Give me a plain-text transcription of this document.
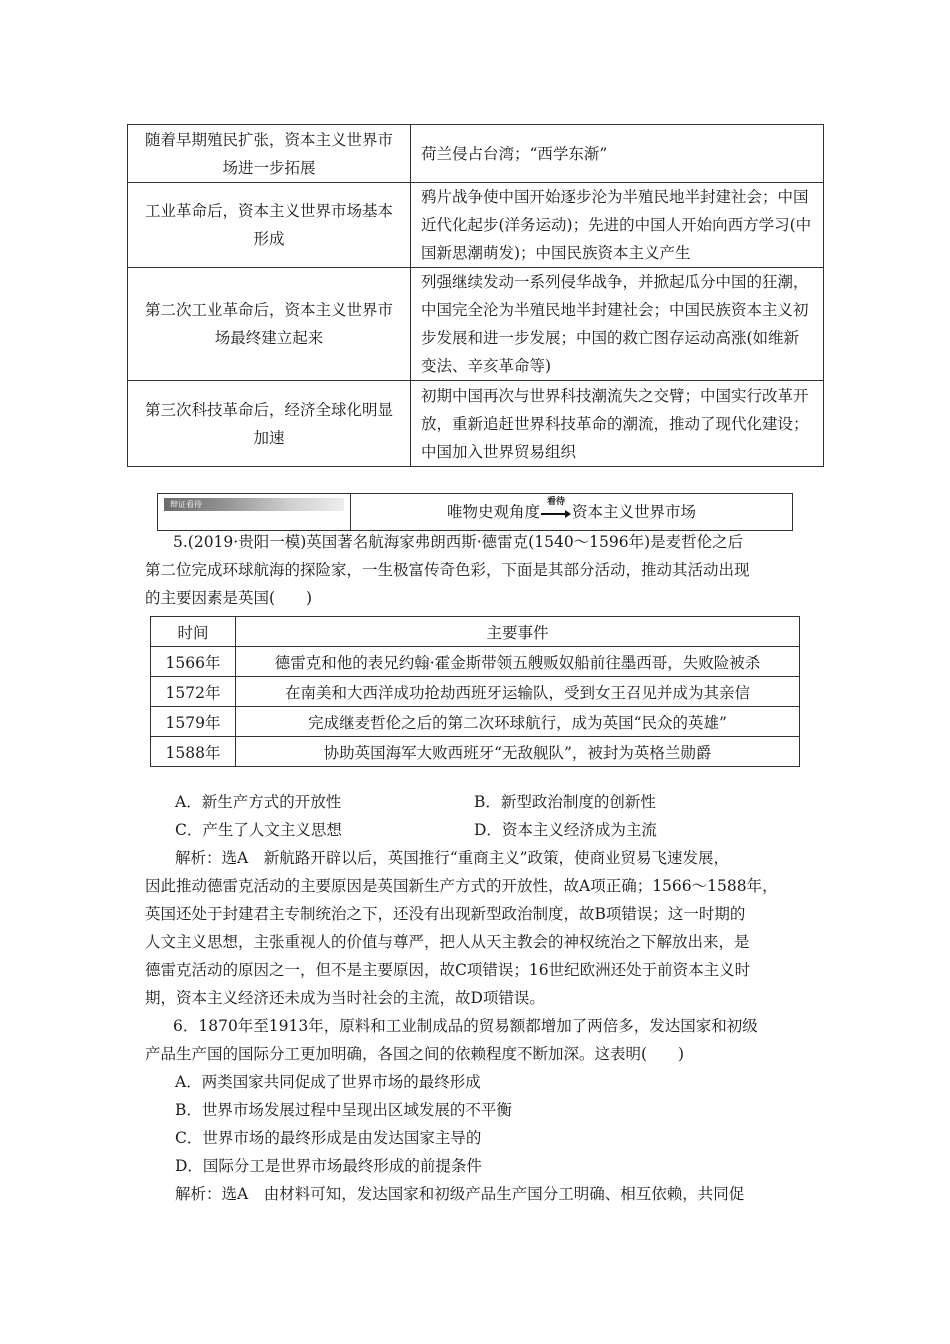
随着早期殖民扩张，资本主义世界市场进一步拓展	荷兰侵占台湾；“西学东渐”
工业革命后，资本主义世界市场基本形成	鸦片战争使中国开始逐步沦为半殖民地半封建社会；中国近代化起步(洋务运动)；先进的中国人开始向西方学习(中国新思潮萌发)；中国民族资本主义产生
第二次工业革命后，资本主义世界市场最终建立起来	列强继续发动一系列侵华战争，并掀起瓜分中国的狂潮，中国完全沦为半殖民地半封建社会；中国民族资本主义初步发展和进一步发展；中国的救亡图存运动高涨(如维新变法、辛亥革命等)
第三次科技革命后，经济全球化明显加速	初期中国再次与世界科技潮流失之交臂；中国实行改革开放，重新追赶世界科技革命的潮流，推动了现代化建设；中国加入世界贸易组织
辩证看待	唯物史观角度
看待
资本主义世界市场

5.(2019·贵阳一模)英国著名航海家弗朗西斯·德雷克(1540～1596年)是麦哲伦之后

第二位完成环球航海的探险家，一生极富传奇色彩，下面是其部分活动，推动其活动出现

的主要因素是英国(　　)

时间	主要事件
1566年	德雷克和他的表兄约翰·霍金斯带领五艘贩奴船前往墨西哥，失败险被杀
1572年	在南美和大西洋成功抢劫西班牙运输队，受到女王召见并成为其亲信
1579年	完成继麦哲伦之后的第二次环球航行，成为英国“民众的英雄”
1588年	协助英国海军大败西班牙“无敌舰队”，被封为英格兰勋爵

A．新生产方式的开放性	B．新型政治制度的创新性

C．产生了人文主义思想	D．资本主义经济成为主流

解析：选A　新航路开辟以后，英国推行“重商主义”政策，使商业贸易飞速发展，

因此推动德雷克活动的主要原因是英国新生产方式的开放性，故A项正确；1566～1588年，

英国还处于封建君主专制统治之下，还没有出现新型政治制度，故B项错误；这一时期的

人文主义思想，主张重视人的价值与尊严，把人从天主教会的神权统治之下解放出来，是

德雷克活动的原因之一，但不是主要原因，故C项错误；16世纪欧洲还处于前资本主义时

期，资本主义经济还未成为当时社会的主流，故D项错误。

6．1870年至1913年，原料和工业制成品的贸易额都增加了两倍多，发达国家和初级

产品生产国的国际分工更加明确，各国之间的依赖程度不断加深。这表明(　　)

A．两类国家共同促成了世界市场的最终形成

B．世界市场发展过程中呈现出区域发展的不平衡

C．世界市场的最终形成是由发达国家主导的

D．国际分工是世界市场最终形成的前提条件

解析：选A　由材料可知，发达国家和初级产品生产国分工明确、相互依赖，共同促
